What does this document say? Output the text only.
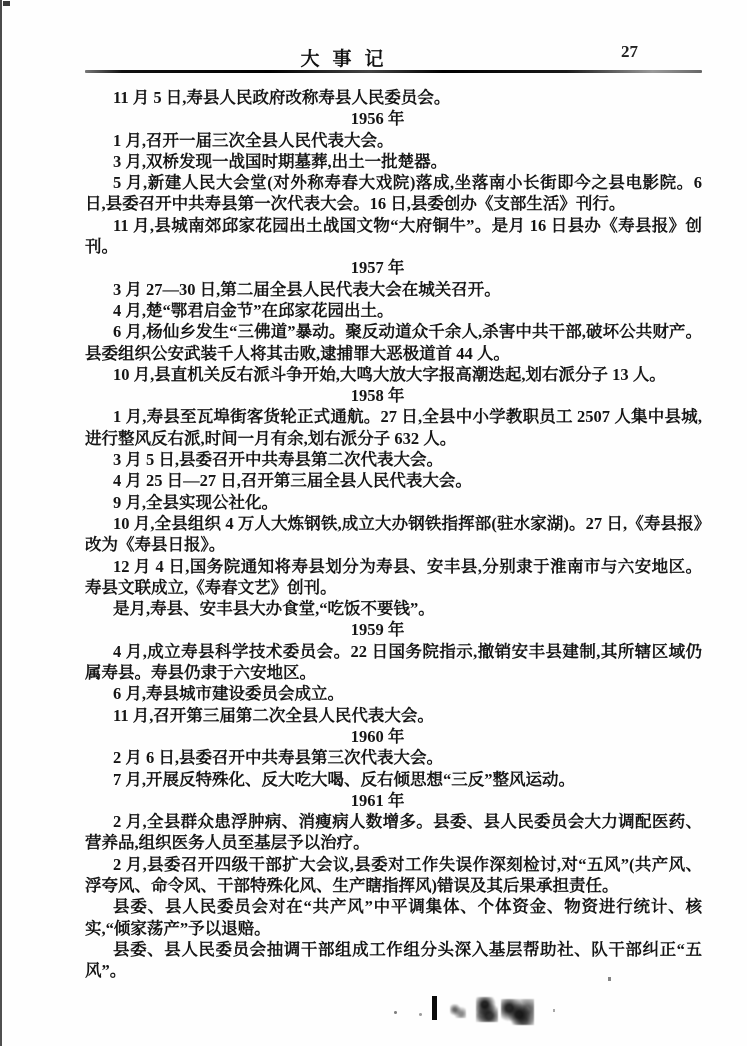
大事记	27

11 月 5 日,寿县人民政府改称寿县人民委员会。

1956 年

1 月,召开一届三次全县人民代表大会。

3 月,双桥发现一战国时期墓葬,出土一批楚器。

5 月,新建人民大会堂(对外称寿春大戏院)落成,坐落南小长街即今之县电影院。6 日,县委召开中共寿县第一次代表大会。16 日,县委创办《支部生活》刊行。

11 月,县城南郊邱家花园出土战国文物“大府铜牛”。是月 16 日县办《寿县报》创刊。

1957 年

3 月 27—30 日,第二届全县人民代表大会在城关召开。

4 月,楚“鄂君启金节”在邱家花园出土。

6 月,杨仙乡发生“三佛道”暴动。聚反动道众千余人,杀害中共干部,破坏公共财产。县委组织公安武装千人将其击败,逮捕罪大恶极道首 44 人。

10 月,县直机关反右派斗争开始,大鸣大放大字报高潮迭起,划右派分子 13 人。

1958 年

1 月,寿县至瓦埠街客货轮正式通航。27 日,全县中小学教职员工 2507 人集中县城,进行整风反右派,时间一月有余,划右派分子 632 人。

3 月 5 日,县委召开中共寿县第二次代表大会。

4 月 25 日—27 日,召开第三届全县人民代表大会。

9 月,全县实现公社化。

10 月,全县组织 4 万人大炼钢铁,成立大办钢铁指挥部(驻水家湖)。27 日,《寿县报》改为《寿县日报》。

12 月 4 日,国务院通知将寿县划分为寿县、安丰县,分别隶于淮南市与六安地区。寿县文联成立,《寿春文艺》创刊。

是月,寿县、安丰县大办食堂,“吃饭不要钱”。

1959 年

4 月,成立寿县科学技术委员会。22 日国务院指示,撤销安丰县建制,其所辖区域仍属寿县。寿县仍隶于六安地区。

6 月,寿县城市建设委员会成立。

11 月,召开第三届第二次全县人民代表大会。

1960 年

2 月 6 日,县委召开中共寿县第三次代表大会。

7 月,开展反特殊化、反大吃大喝、反右倾思想“三反”整风运动。

1961 年

2 月,全县群众患浮肿病、消瘦病人数增多。县委、县人民委员会大力调配医药、营养品,组织医务人员至基层予以治疗。

2 月,县委召开四级干部扩大会议,县委对工作失误作深刻检讨,对“五风”(共产风、浮夸风、命令风、干部特殊化风、生产瞎指挥风)错误及其后果承担责任。

县委、县人民委员会对在“共产风”中平调集体、个体资金、物资进行统计、核实,“倾家荡产”予以退赔。

县委、县人民委员会抽调干部组成工作组分头深入基层帮助社、队干部纠正“五风”。
